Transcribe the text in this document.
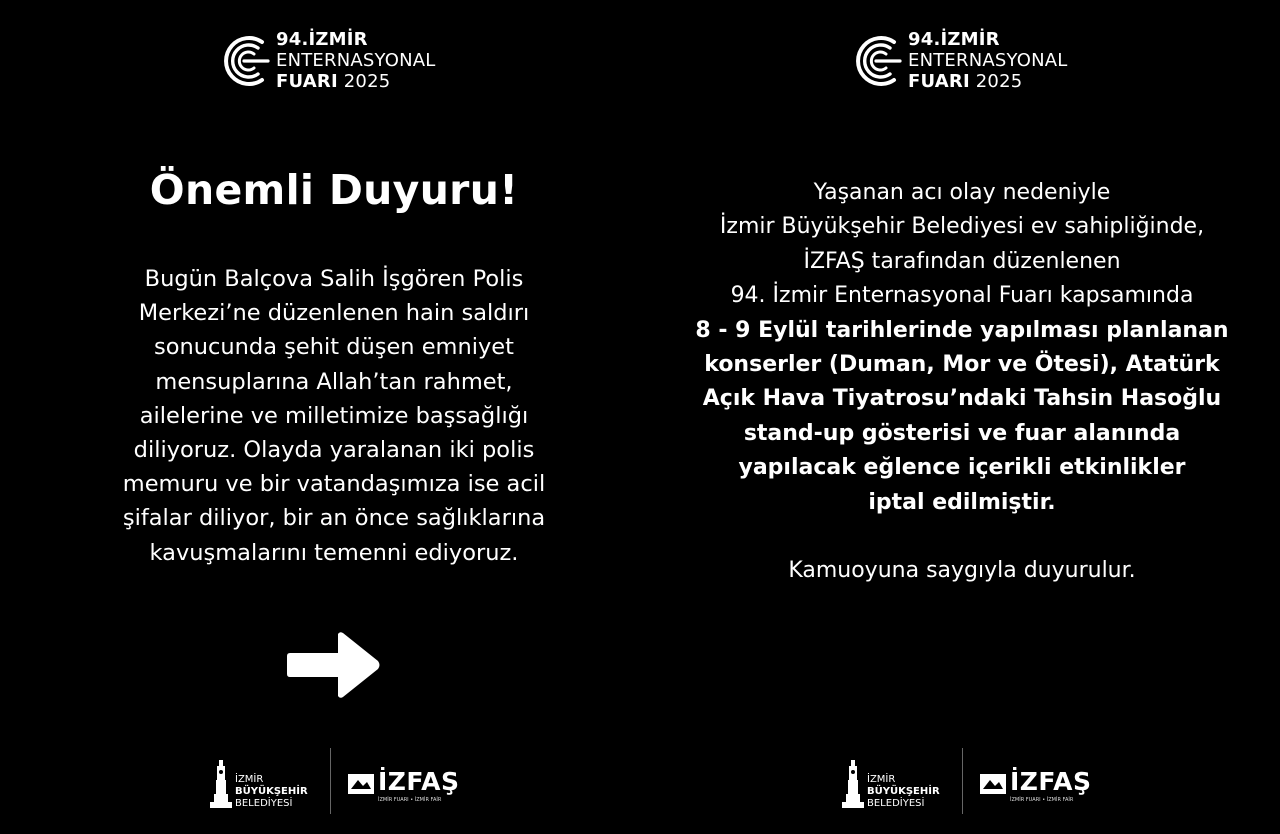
94.İZMİR
ENTERNASYONAL
FUARI 2025
Önemli Duyuru!

Bugün Balçova Salih İşgören Polis
Merkezi’ne düzenlenen hain saldırı
sonucunda şehit düşen emniyet
mensuplarına Allah’tan rahmet,
ailelerine ve milletimize başsağlığı
diliyoruz. Olayda yaralanan iki polis
memuru ve bir vatandaşımıza ise acil
şifalar diliyor, bir an önce sağlıklarına
kavuşmalarını temenni ediyoruz.

İZMİR
BÜYÜKŞEHİR
BELEDİYESİ
İZFAŞ
İZMİR FUARI • İZMİR FAİR
94.İZMİR
ENTERNASYONAL
FUARI 2025

Yaşanan acı olay nedeniyle
İzmir Büyükşehir Belediyesi ev sahipliğinde,
İZFAŞ tarafından düzenlenen
94. İzmir Enternasyonal Fuarı kapsamında
8 - 9 Eylül tarihlerinde yapılması planlanan
konserler (Duman, Mor ve Ötesi), Atatürk
Açık Hava Tiyatrosu’ndaki Tahsin Hasoğlu
stand-up gösterisi ve fuar alanında
yapılacak eğlence içerikli etkinlikler
iptal edilmiştir.
Kamuoyuna saygıyla duyurulur.

İZMİR
BÜYÜKŞEHİR
BELEDİYESİ
İZFAŞ
İZMİR FUARI • İZMİR FAİR
